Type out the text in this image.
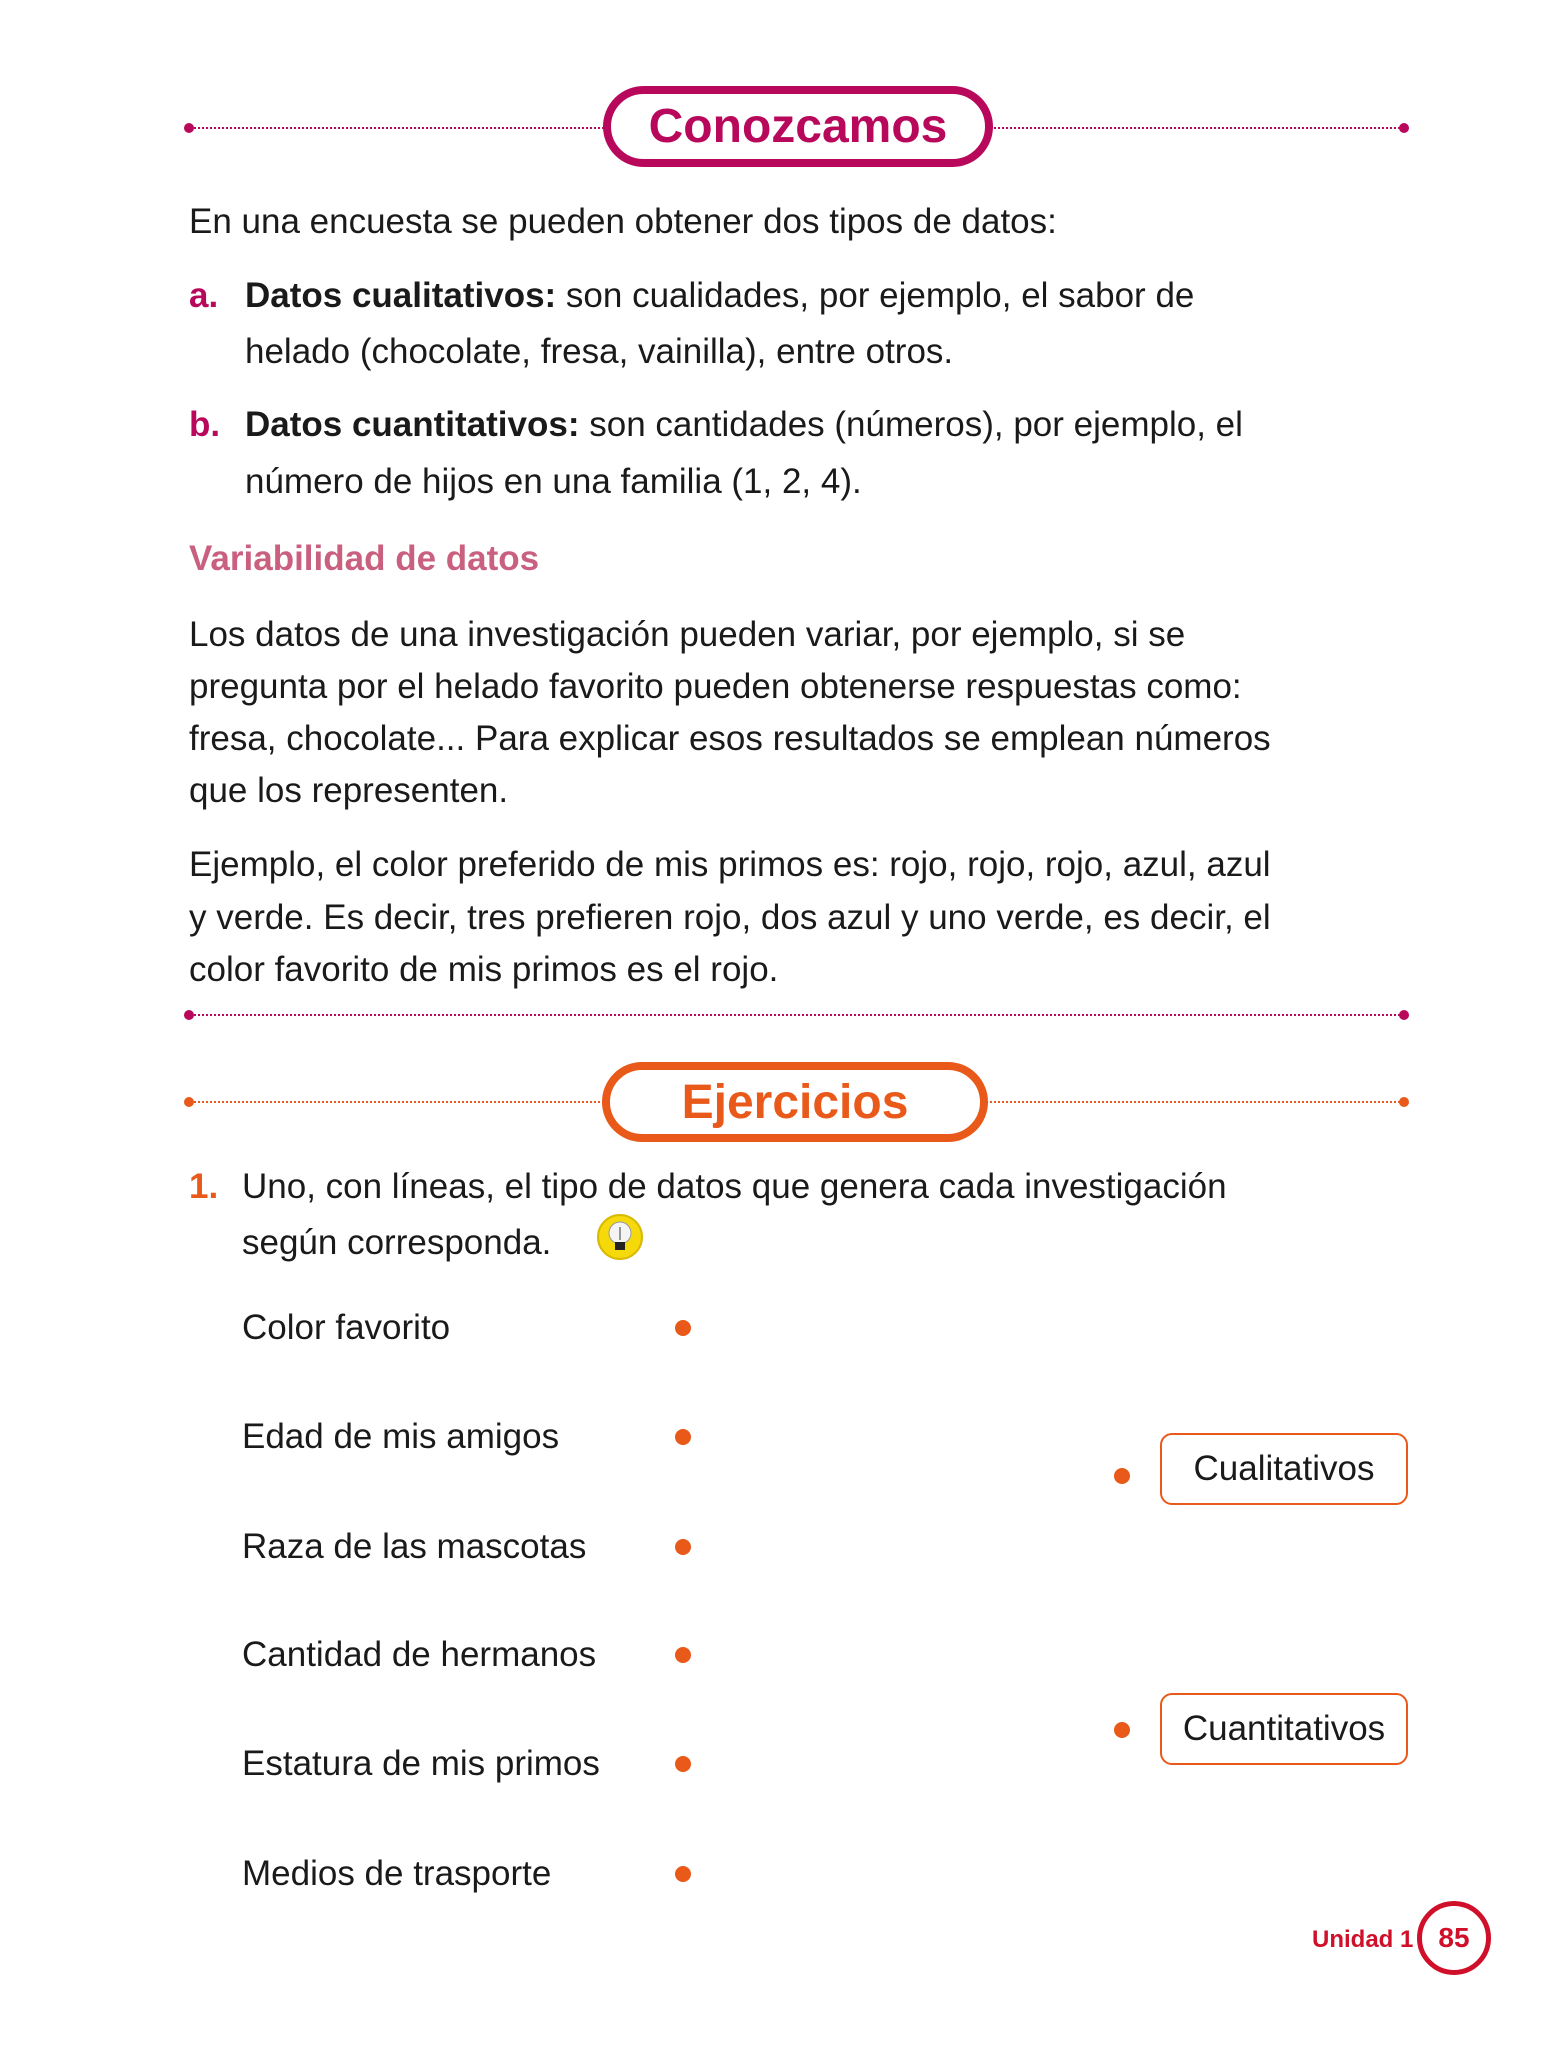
Conozcamos
En una encuesta se pueden obtener dos tipos de datos:
a. Datos cualitativos: son cualidades, por ejemplo, el sabor de
helado (chocolate, fresa, vainilla), entre otros.
b. Datos cuantitativos: son cantidades (números), por ejemplo, el
número de hijos en una familia (1, 2, 4).
Variabilidad de datos
Los datos de una investigación pueden variar, por ejemplo, si se
pregunta por el helado favorito pueden obtenerse respuestas como:
fresa, chocolate... Para explicar esos resultados se emplean números
que los representen.
Ejemplo, el color preferido de mis primos es: rojo, rojo, rojo, azul, azul
y verde. Es decir, tres prefieren rojo, dos azul y uno verde, es decir, el
color favorito de mis primos es el rojo.
Ejercicios
1. Uno, con líneas, el tipo de datos que genera cada investigación
según corresponda.
Color favorito
Edad de mis amigos
Raza de las mascotas
Cantidad de hermanos
Estatura de mis primos
Medios de trasporte
Cualitativos
Cuantitativos
Unidad 1 85
